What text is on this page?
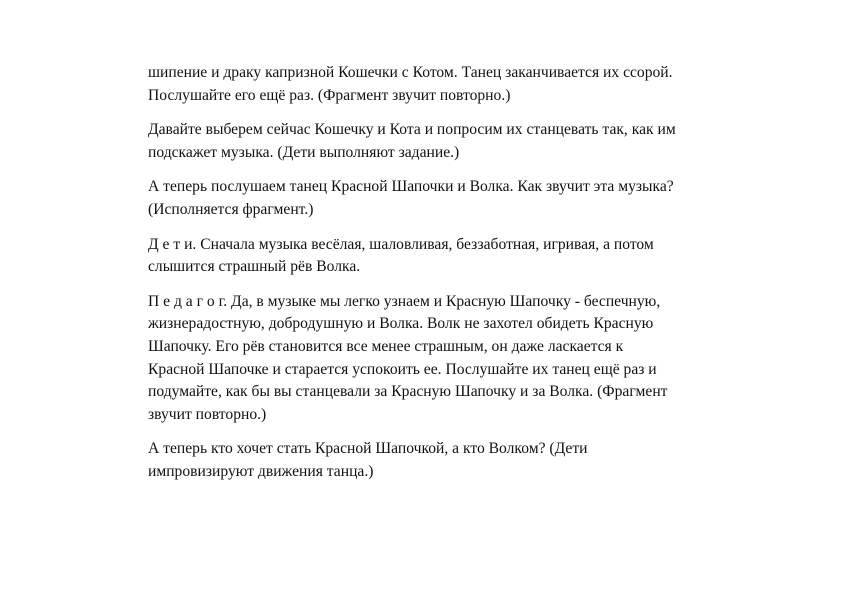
шипение и драку капризной Кошечки с Котом. Танец заканчивается их ссорой.
Послушайте его ещё раз. (Фрагмент звучит повторно.)

Давайте выберем сейчас Кошечку и Кота и попросим их станцевать так, как им
подскажет музыка. (Дети выполняют задание.)

А теперь послушаем танец Красной Шапочки и Волка. Как звучит эта музыка?
(Исполняется фрагмент.)

Д е т и. Сначала музыка весёлая, шаловливая, беззаботная, игривая, а потом
слышится страшный рёв Волка.

П е д а г о г. Да, в музыке мы легко узнаем и Красную Шапочку - беспечную,
жизнерадостную, добродушную и Волка. Волк не захотел обидеть Красную
Шапочку. Его рёв становится все менее страшным, он даже ласкается к
Красной Шапочке и старается успокоить ее. Послушайте их танец ещё раз и
подумайте, как бы вы станцевали за Красную Шапочку и за Волка. (Фрагмент
звучит повторно.)

А теперь кто хочет стать Красной Шапочкой, а кто Волком? (Дети
импровизируют движения танца.)
